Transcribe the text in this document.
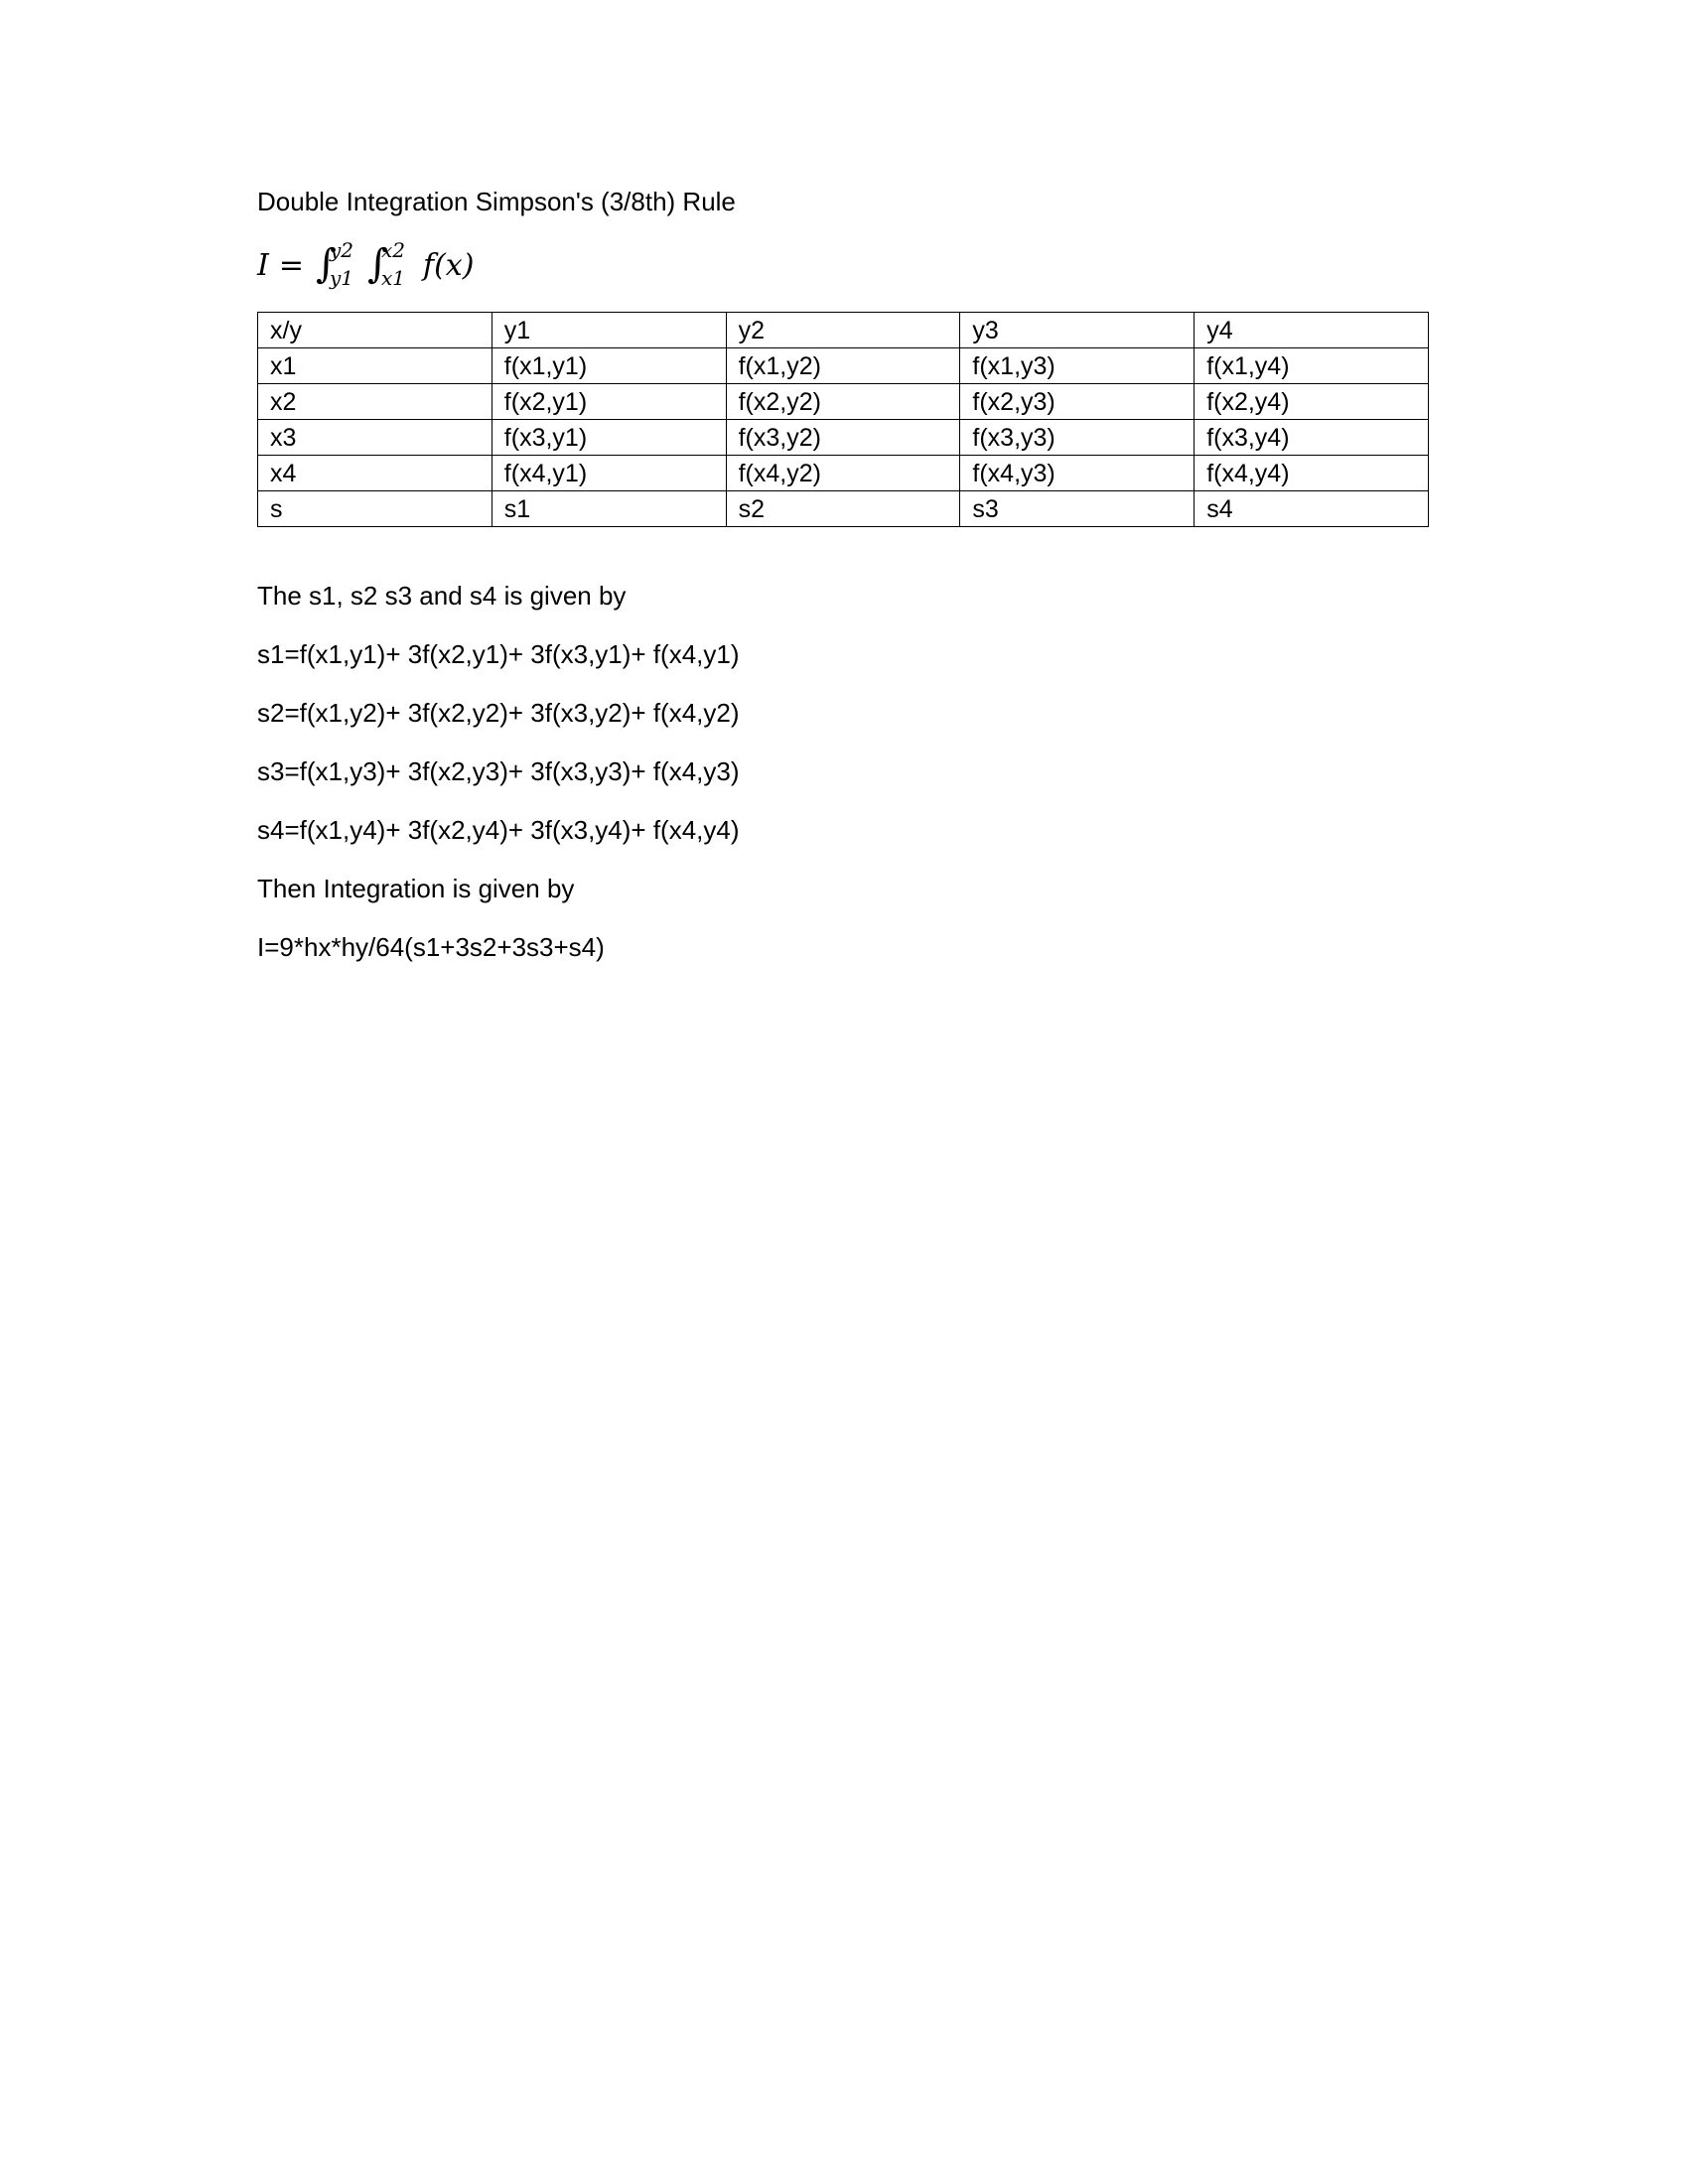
Double Integration Simpson's (3/8th) Rule
I = ∫
y2
y1 ∫
x2
x1 f(x)
x/y	y1	y2	y3	y4
x1	f(x1,y1)	f(x1,y2)	f(x1,y3)	f(x1,y4)
x2	f(x2,y1)	f(x2,y2)	f(x2,y3)	f(x2,y4)
x3	f(x3,y1)	f(x3,y2)	f(x3,y3)	f(x3,y4)
x4	f(x4,y1)	f(x4,y2)	f(x4,y3)	f(x4,y4)
s	s1	s2	s3	s4

The s1, s2 s3 and s4 is given by

s1=f(x1,y1)+ 3f(x2,y1)+ 3f(x3,y1)+ f(x4,y1)

s2=f(x1,y2)+ 3f(x2,y2)+ 3f(x3,y2)+ f(x4,y2)

s3=f(x1,y3)+ 3f(x2,y3)+ 3f(x3,y3)+ f(x4,y3)

s4=f(x1,y4)+ 3f(x2,y4)+ 3f(x3,y4)+ f(x4,y4)

Then Integration is given by

I=9*hx*hy/64(s1+3s2+3s3+s4)
